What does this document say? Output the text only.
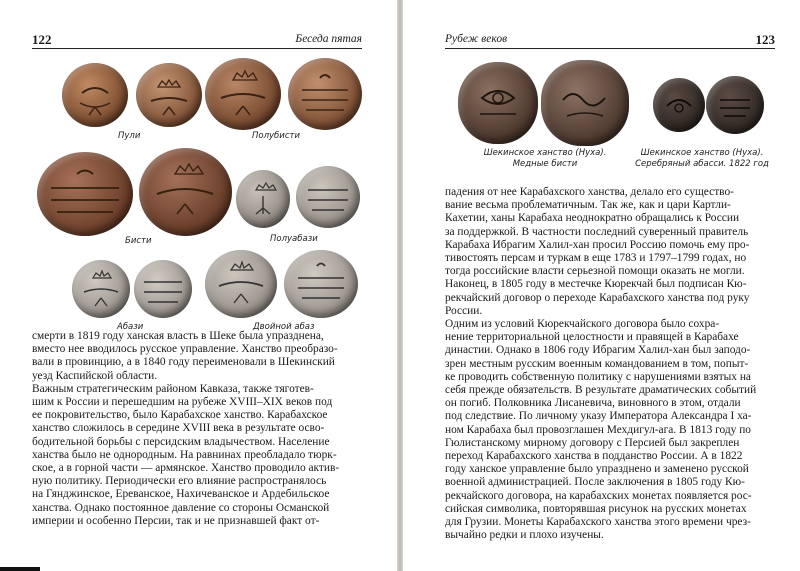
122	Беседа пятая
Пули	Полубисти
Бисти	Полуабази
Абази	Двойной абаз
смерти в 1819 году ханская власть в Шеке была упразднена,
вместо нее вводилось русское управление. Ханство преобразо-
вали в провинцию, а в 1840 году переименовали в Шекинский
уезд Каспийской области.
Важным стратегическим районом Кавказа, также тяготев-
шим к России и перешедшим на рубеже XVIII–XIX веков под
ее покровительство, было Карабахское ханство. Карабахское
ханство сложилось в середине XVIII века в результате осво-
бодительной борьбы с персидским владычеством. Население
ханства было не однородным. На равнинах преобладало тюрк-
ское, а в горной части — армянское. Ханство проводило актив-
ную политику. Периодически его влияние распространялось
на Гянджинское, Ереванское, Нахичеванское и Ардебильское
ханства. Однако постоянное давление со стороны Османской
империи и особенно Персии, так и не признавшей факт от-
Рубеж веков	123
Шекинское ханство (Нуха).
Медные бисти
Шекинское ханство (Нуха).
Серебряный абасси. 1822 год
падения от нее Карабахского ханства, делало его существо-
вание весьма проблематичным. Так же, как и цари Картли-
Кахетии, ханы Карабаха неоднократно обращались к России
за поддержкой. В частности последний суверенный правитель
Карабаха Ибрагим Халил-хан просил Россию помочь ему про-
тивостоять персам и туркам в еще 1783 и 1797–1799 годах, но
тогда российские власти серьезной помощи оказать не могли.
Наконец, в 1805 году в местечке Кюрекчай был подписан Кю-
рекчайский договор о переходе Карабахского ханства под руку
России.
Одним из условий Кюрекчайского договора было сохра-
нение территориальной целостности и правящей в Карабахе
династии. Однако в 1806 году Ибрагим Халил-хан был заподо-
зрен местным русским военным командованием в том, попыт-
ке проводить собственную политику с нарушениями взятых на
себя прежде обязательств. В результате драматических событий
он погиб. Полковника Лисаневича, виновного в этом, отдали
под следствие. По личному указу Императора Александра I ха-
ном Карабаха был провозглашен Мехдигул-ага. В 1813 году по
Гюлистанскому мирному договору с Персией был закреплен
переход Карабахского ханства в подданство России. А в 1822
году ханское управление было упразднено и заменено русской
военной администрацией. После заключения в 1805 году Кю-
рекчайского договора, на карабахских монетах появляется рос-
сийская символика, повторявшая рисунок на русских монетах
для Грузии. Монеты Карабахского ханства этого времени чрез-
вычайно редки и плохо изучены.
